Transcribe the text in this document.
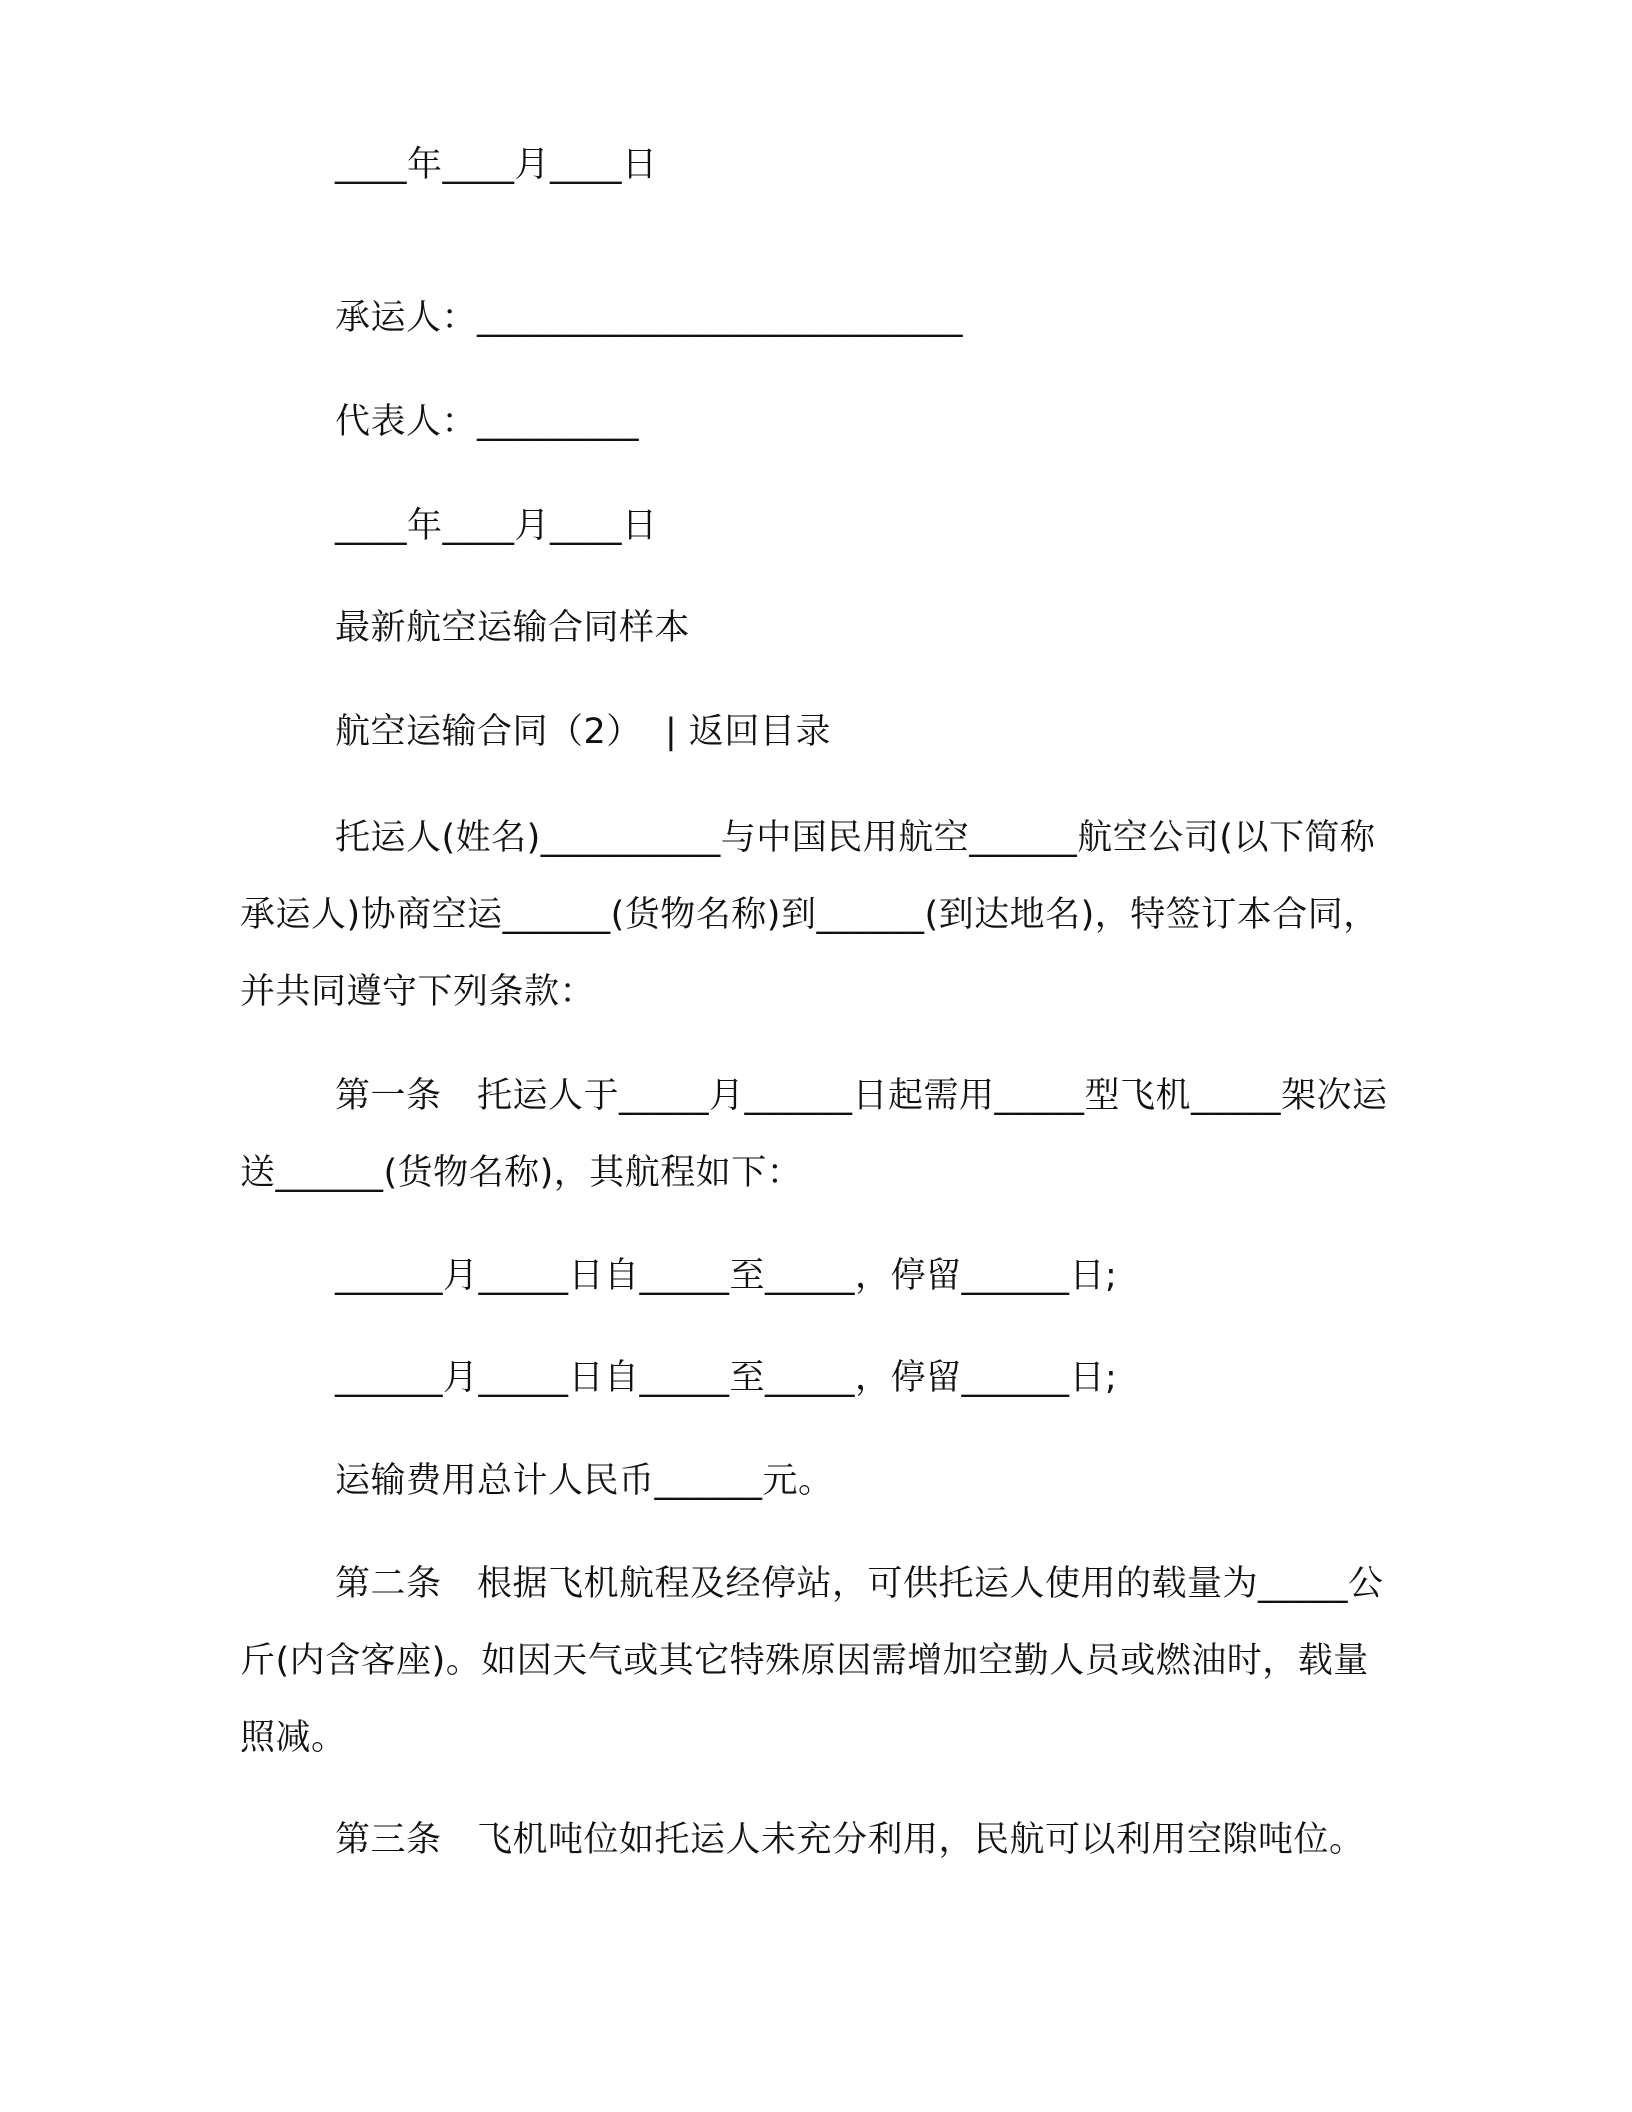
____年____月____日
承运人：___________________________
代表人：_________
____年____月____日
最新航空运输合同样本
航空运输合同（2）  | 返回目录
托运人(姓名)__________与中国民用航空______航空公司(以下简称承运人)协商空运______(货物名称)到______(到达地名)，特签订本合同，并共同遵守下列条款：
第一条　托运人于_____月______日起需用_____型飞机_____架次运送______(货物名称)，其航程如下：
______月_____日自_____至_____，停留______日;
______月_____日自_____至_____，停留______日;
运输费用总计人民币______元。
第二条　根据飞机航程及经停站，可供托运人使用的载量为_____公斤(内含客座)。如因天气或其它特殊原因需增加空勤人员或燃油时，载量照减。
第三条　飞机吨位如托运人未充分利用，民航可以利用空隙吨位。
